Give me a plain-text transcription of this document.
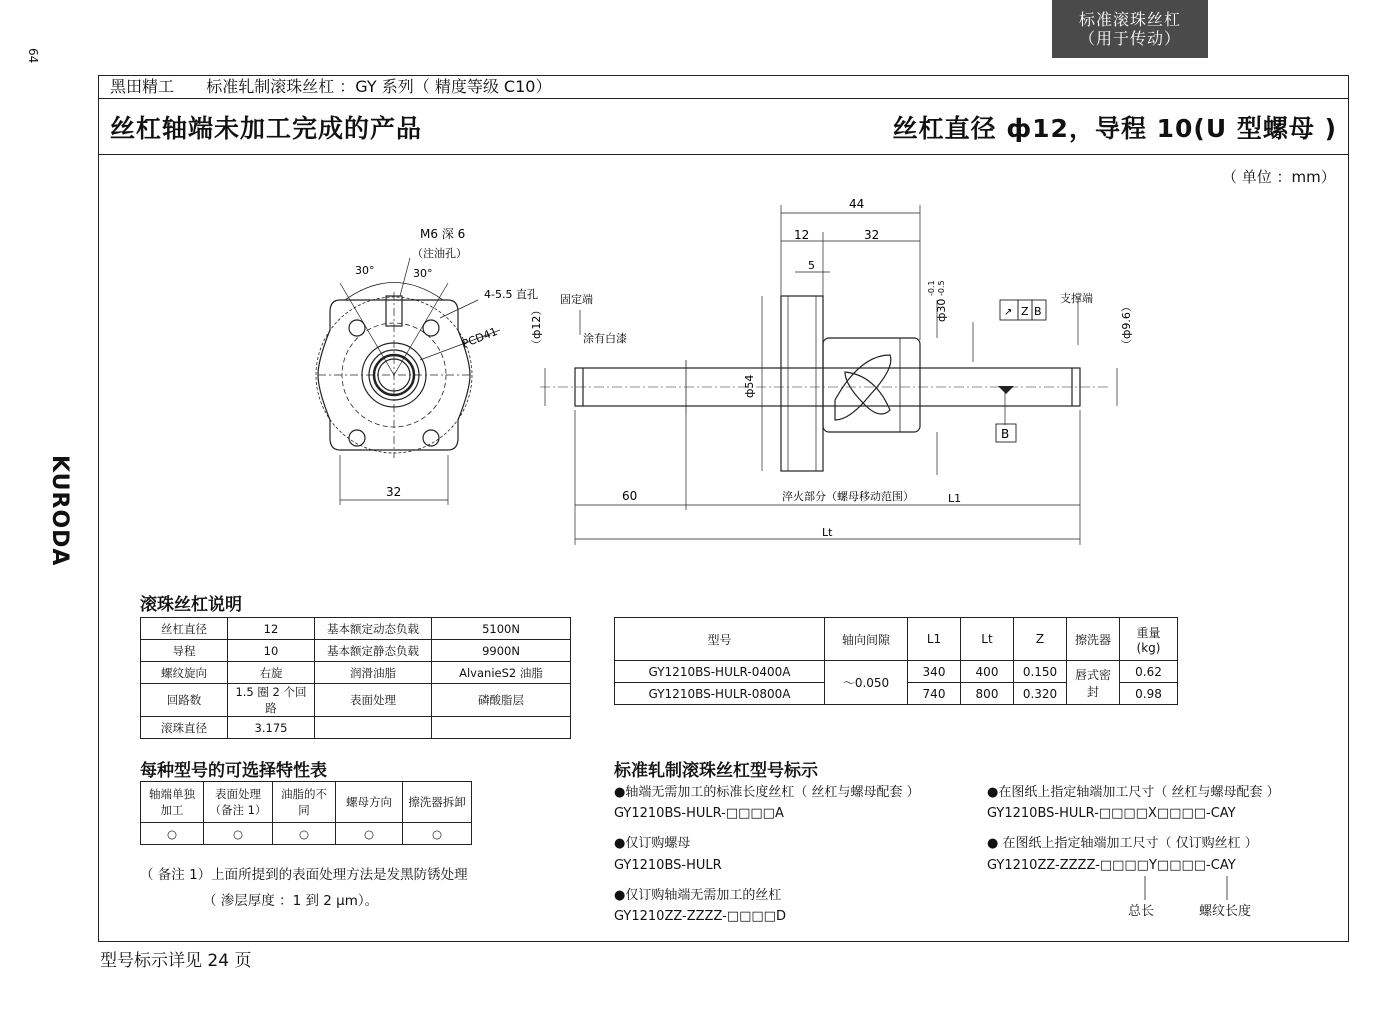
64
KURODA
标准滚珠丝杠
（用于传动）
黑田精工 标准轧制滚珠丝杠 ：GY 系列（ 精度等级 C10）
丝杠轴端未加工完成的产品	丝杠直径 ф12，导程 10(U 型螺母 )
（ 单位 ：mm）
M6 深 6
（注油孔）
30°	30°
4-5.5 直孔
PCD41
32
44
12	32
5
ф54
ф30
-0.1 -0.5
↗ Z B
B
固定端
涂有白漆
（ф12）
支撑端
（ф9.6）
60	淬火部分（螺母移动范围）	L1
Lt
滚珠丝杠说明
丝杠直径	12	基本额定动态负载	5100N
导程	10	基本额定静态负载	9900N
螺纹旋向	右旋	润滑油脂	AlvanieS2 油脂
回路数	1.5 圈 2 个回路	表面处理	磷酸脂层
滚珠直径	3.175		
型号	轴向间隙	L1	Lt	Z	擦洗器	重量 (kg)
GY1210BS-HULR-0400A	～0.050	340	400	0.150	唇式密封	0.62
GY1210BS-HULR-0800A		740	800	0.320		0.98
每种型号的可选择特性表
轴端单独加工	表面处理（备注 1）	油脂的不同	螺母方向	擦洗器拆卸
○	○	○	○	○
（ 备注 1）上面所提到的表面处理方法是发黑防锈处理
（ 渗层厚度 ：1 到 2 μm）。
标准轧制滚珠丝杠型号标示
●轴端无需加工的标准长度丝杠（ 丝杠与螺母配套 ）
GY1210BS-HULR-□□□□A
●仅订购螺母
GY1210BS-HULR
●仅订购轴端无需加工的丝杠
GY1210ZZ-ZZZZ-□□□□D
●在图纸上指定轴端加工尺寸（ 丝杠与螺母配套 ）
GY1210BS-HULR-□□□□X□□□□-CAY
● 在图纸上指定轴端加工尺寸（ 仅订购丝杠 ）
GY1210ZZ-ZZZZ-□□□□Y□□□□-CAY
总长	螺纹长度
型号标示详见 24 页
